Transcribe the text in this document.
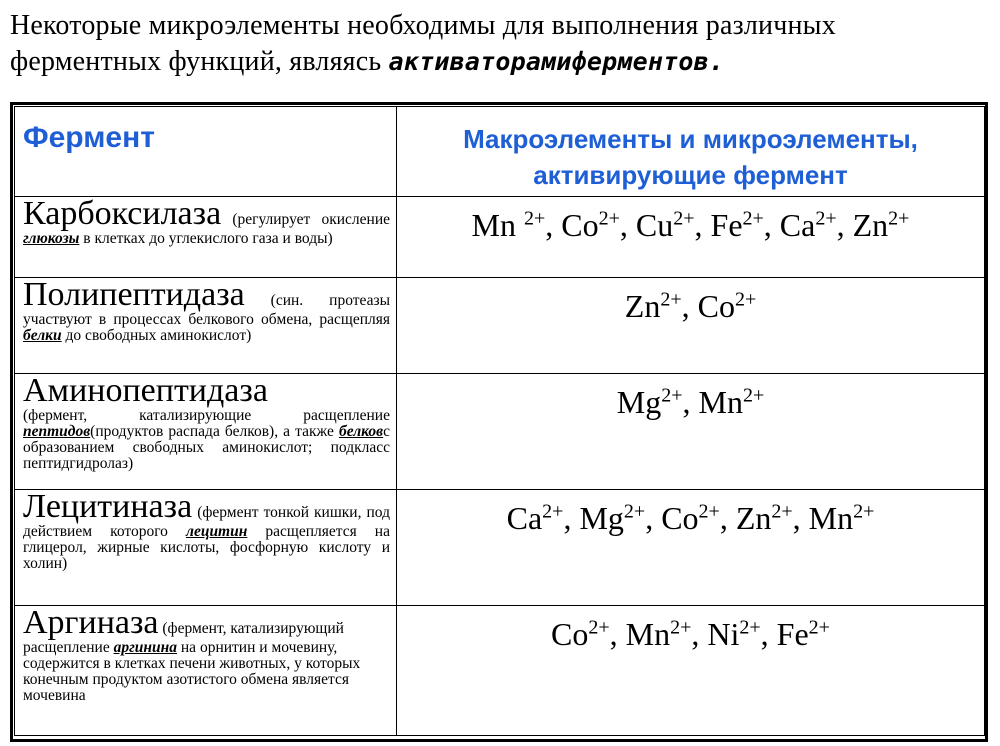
Некоторые микроэлементы необходимы для выполнения различных ферментных функций, являясь активаторамиферментов.
Фермент	Макроэлементы и микроэлементы, активирующие фермент

Карбоксилаза (регулирует окисление глюкозы в клетках до углекислого газа и воды)	Mn $^{2+}$, $Co^{2+}$, $Cu^{2+}$, $Fe^{2+}$, $Ca^{2+}$, $Zn^{2+}$

Полипептидаза (син. протеазы участвуют в процессах белкового обмена, расщепляя белки до свободных аминокислот)	$Zn^{2+}$, $Co^{2+}$

Аминопептидаза
(фермент, катализирующие расщепление пептидов(продуктов распада белков), а также белковс образованием свободных аминокислот; подкласс пептидгидролаз)	$Mg^{2+}$, $Mn^{2+}$

Лецитиназа (фермент тонкой кишки, под действием которого лецитин расщепляется на глицерол, жирные кислоты, фосфорную кислоту и холин)	$Ca^{2+}$, $Mg^{2+}$, $Co^{2+}$, $Zn^{2+}$, $Mn^{2+}$

Аргиназа (фермент, катализирующий расщепление аргинина на орнитин и мочевину, содержится в клетках печени животных, у которых конечным продуктом азотистого обмена является мочевина	$Co^{2+}$, $Mn^{2+}$, $Ni^{2+}$, $Fe^{2+}$
